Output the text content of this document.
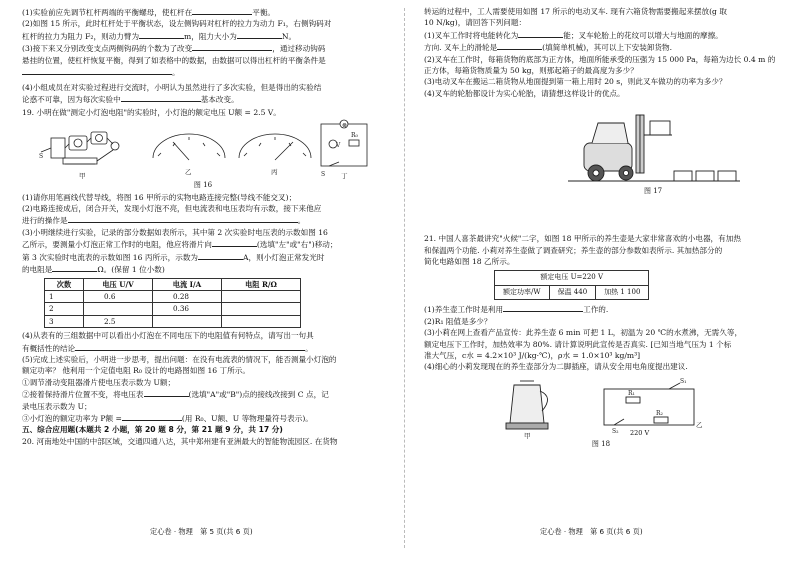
(1)实验前应先调节杠杆两端的平衡螺母，使杠杆在	平衡。

(2)如图 15 所示，此时杠杆处于平衡状态，设左侧钩码对杠杆的拉力为动力 F₁，右侧钩码对

杠杆的拉力为阻力 F₂，则动力臂为	m，阻力大小为	N。

(3)接下来又分别改变支点两侧钩码的个数为了改变	，通过移动钩码

悬挂的位置，使杠杆恢复平衡，得到了如表格中的数据，由数据可以得出杠杆的平衡条件是

。

(4)小组成员在对实验过程进行交流时，小明认为虽然进行了多次实验，但是得出的实验结

论惑不可靠，因为每次实验中	基本改变。

19. 小明在做"测定小灯泡电阻"的实验时，小灯泡的额定电压 U额 = 2.5 V。

V
⊗
R₀
S
S
甲	乙	丙	丁

图 16

(1)请你用笔画线代替导线，将图 16 甲所示的实物电路连接完整(导线不能交叉)；

(2)电路连接成后，闭合开关，发现小灯泡不亮，但电流表和电压表均有示数，接下来他应

进行的操作是	。

(3)小明继续进行实验，记录的部分数据如表所示，其中第 2 次实验时电压表的示数如图 16

乙所示，要测量小灯泡正常工作时的电阻，他应将滑片向	(选填"左"或"右")移动；

第 3 次实验时电流表的示数如图 16 丙所示，示数为	A，则小灯泡正常发光时

的电阻是	Ω。(保留 1 位小数)

次数	电压 U/V	电流 I/A	电阻 R/Ω
1	0.6	0.28	
2		0.36	
3	2.5		

(4)从表有的三组数据中可以看出小灯泡在不同电压下的电阻值有何特点，请写出一句具

有概括性的结论	。

(5)完成上述实验后，小明进一步思考，提出问题：在没有电流表的情况下，能否测量小灯泡的

额定功率？ 他利用一个定值电阻 R₀ 设计的电路图如图 16 丁所示。

①调节滑动变阻器滑片使电压表示数为 U额；

②接着保持滑片位置不变，将电压表	(选填"A"或"B")点的接线改接到 C 点，记

录电压表示数为 U；

③小灯泡的额定功率为 P额 =	(用 R₀、U额、U 等物理量符号表示)。

五、综合应用题(本题共 2 小题，第 20 题 8 分，第 21 题 9 分，共 17 分)

20. 河南地处中国的中部区域，交通四通八达，其中郑州建有亚洲最大的智能物流园区. 在货物

转运的过程中，工人需要使用如图 17 所示的电动叉车. 现有六箱货物需要搬起来摆放(g 取

10 N/kg)，请回答下列问题：

(1)叉车工作时将电能转化为	能；叉车轮胎上的花纹可以增大与地面的摩擦。

方向. 叉车上的滑轮是	(填简单机械)，其可以上下安装卸货物.

(2)叉车在工作时，每箱货物的底部为正方体，地面所能承受的压强为 15 000 Pa，每箱为边长 0.4 m 的

正方体，每箱货物质量为 50 kg，则那起箱子的最高度为多少？

(3)电动叉车在搬运二箱货物从地面提到第一箱上用时 20 s，则此叉车做功的功率为多少？

(4)叉车的轮胎都设计为实心轮胎，请猜想这样设计的优点。

图 17

21. 中国人喜茶最讲究"火候"二字，如图 18 甲所示的养生壶是大家非常喜欢的小电器，有加热

和保温两个功能. 小莉对养生壶做了调查研究；养生壶的部分参数如表所示. 其加热部分的

简化电路如图 18 乙所示。

额定电压 U=220 V
额定功率/W	保温 440	加热 1 100

(1)养生壶工作时是利用	工作的.

(2)R₁ 阻值是多少？

(3)小莉在网上查看产品宣传：此养生壶 6 min 可把 1 L，初温为 20 ℃的水煮沸，无需久等，

额定电压下工作时，加热效率为 80%. 请计算说明此宣传是否真实. [已知当地气压为 1 个标

准大气压，c水 = 4.2×10³ J/(kg·℃)，ρ水 = 1.0×10³ kg/m³]

(4)细心的小莉发现现在的养生壶部分为二脚插座，请从安全用电角度提出建议.

R₁
R₂
S₁
S₂ 220 V
甲
乙

图 18

定心卷 · 物理　第 5 页(共 6 页)	定心卷 · 物理　第 6 页(共 6 页)
